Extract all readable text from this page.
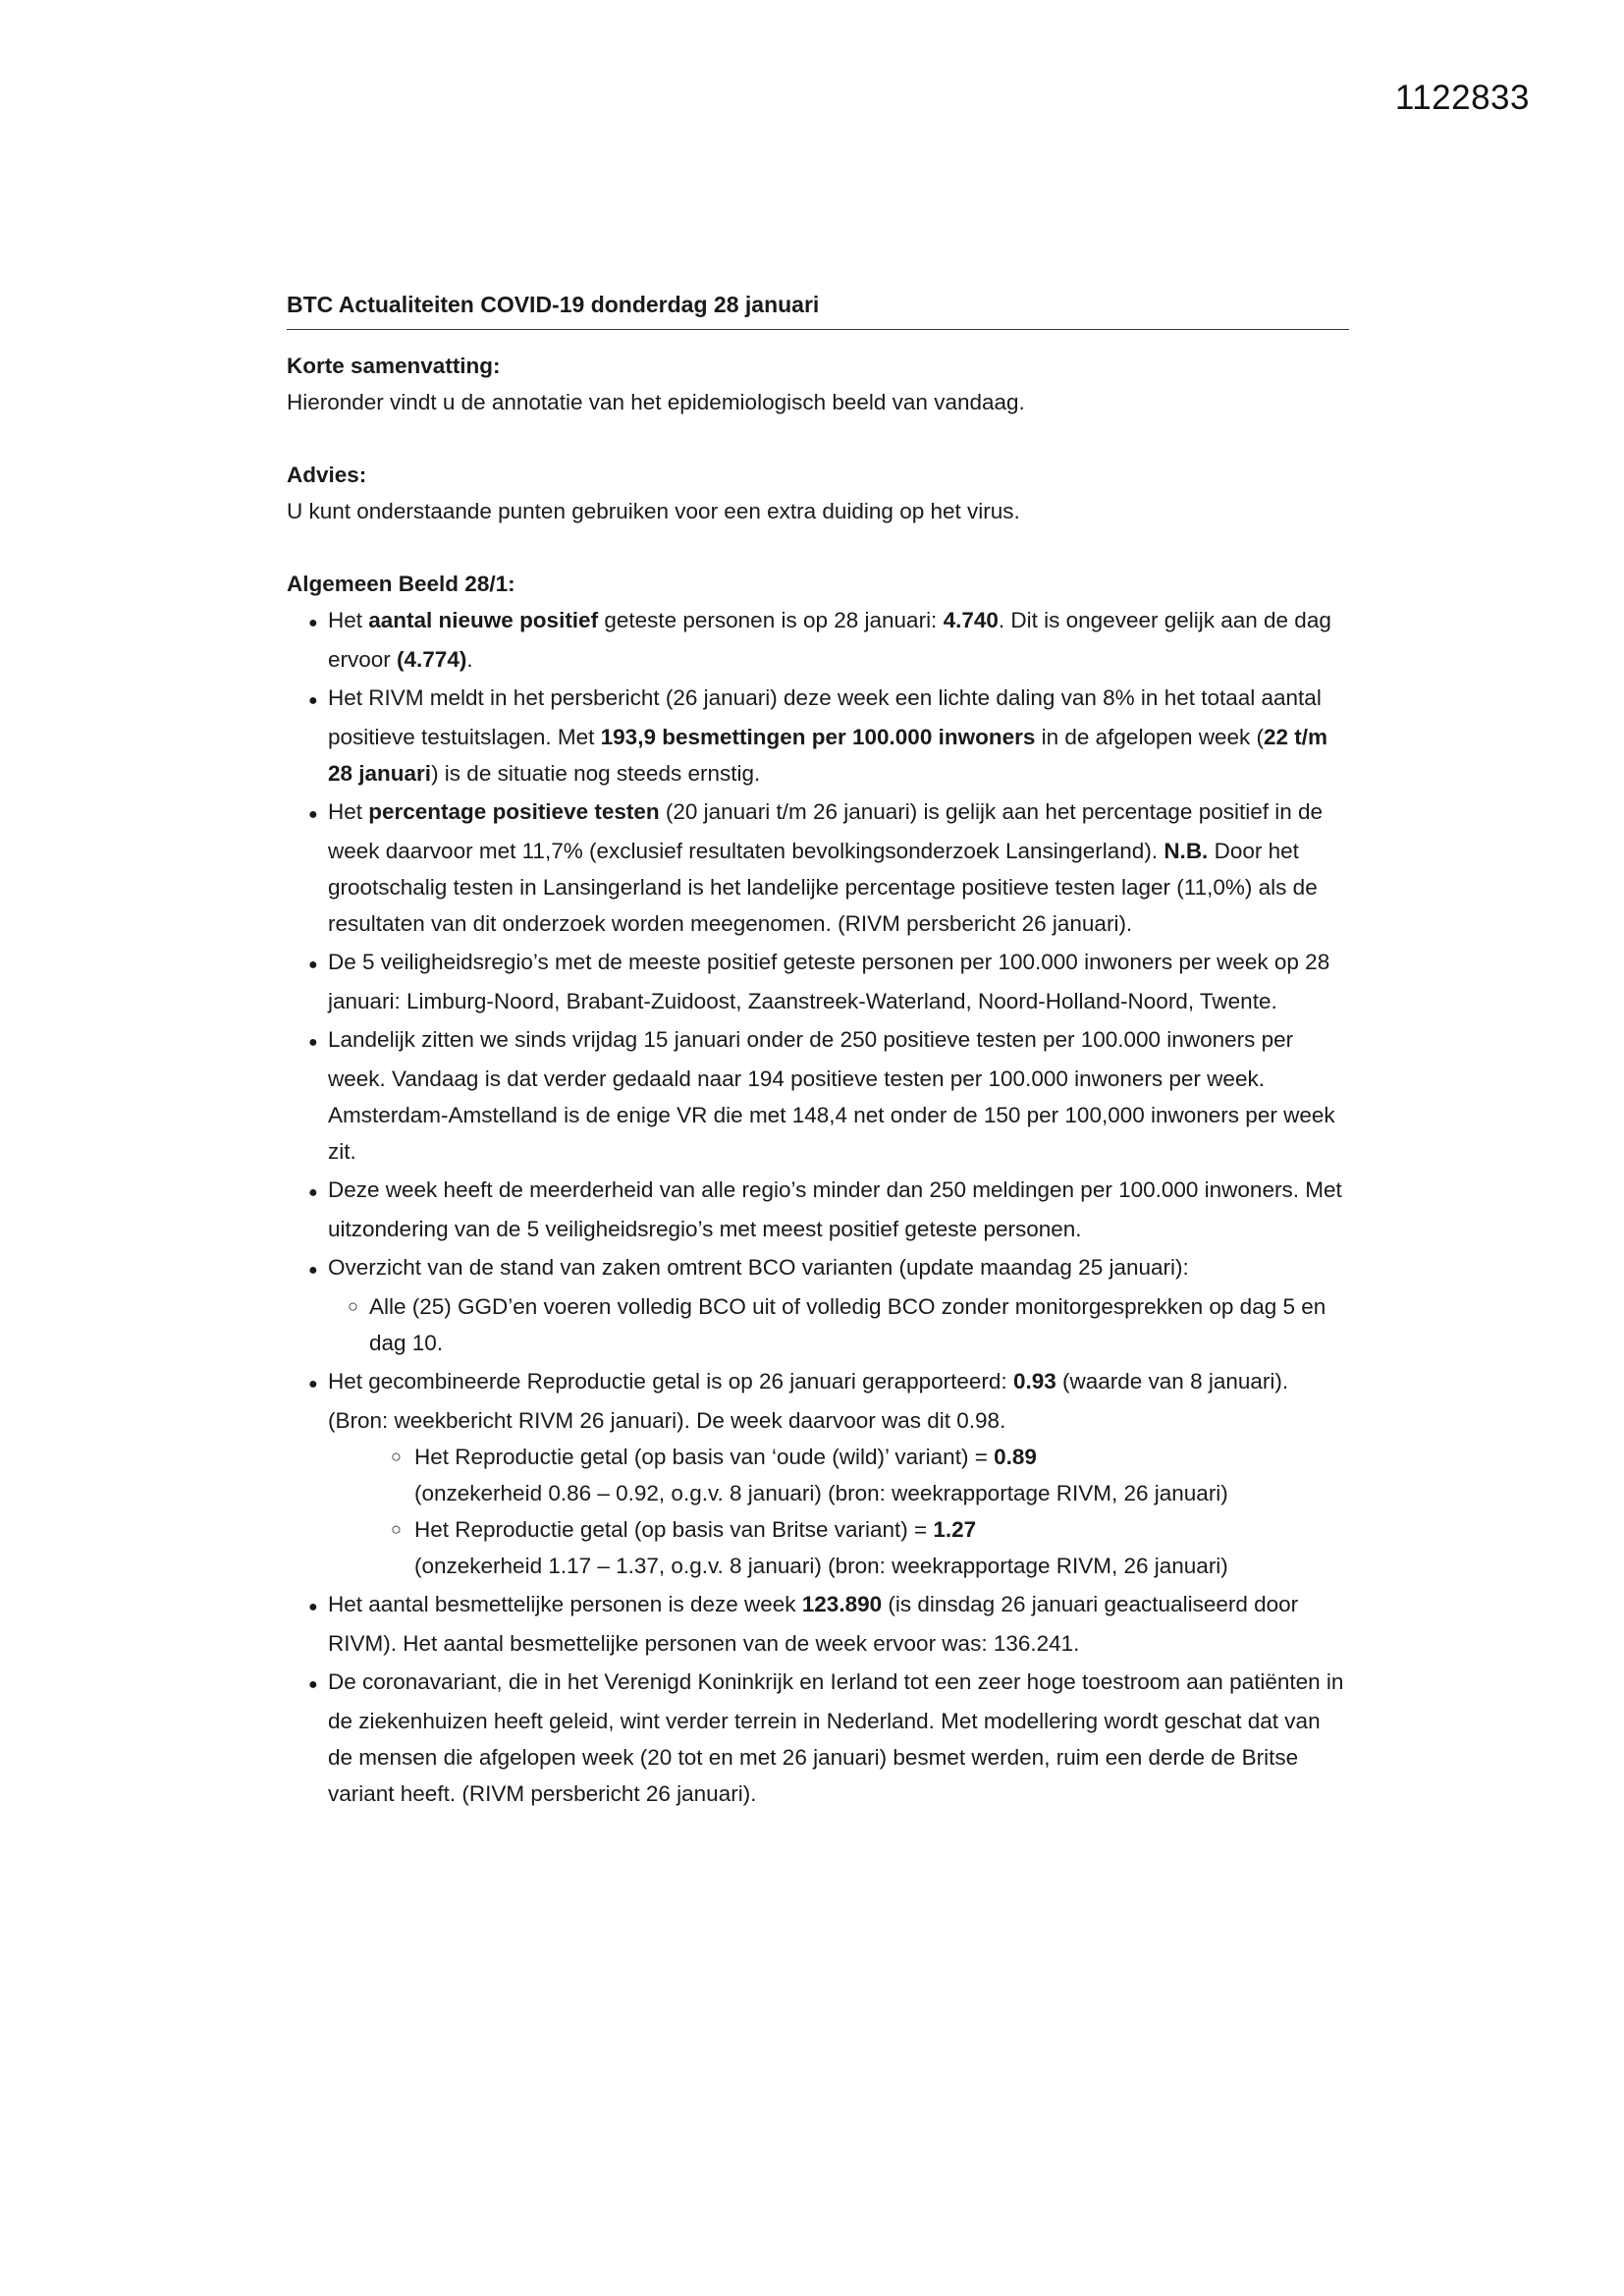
1122833
BTC Actualiteiten COVID-19 donderdag 28 januari

Korte samenvatting:

Hieronder vindt u de annotatie van het epidemiologisch beeld van vandaag.

Advies:

U kunt onderstaande punten gebruiken voor een extra duiding op het virus.

Algemeen Beeld 28/1:

● Het aantal nieuwe positief geteste personen is op 28 januari: 4.740. Dit is ongeveer gelijk aan de dag ervoor (4.774).
● Het RIVM meldt in het persbericht (26 januari) deze week een lichte daling van 8% in het totaal aantal positieve testuitslagen. Met 193,9 besmettingen per 100.000 inwoners in de afgelopen week (22 t/m 28 januari) is de situatie nog steeds ernstig.
● Het percentage positieve testen (20 januari t/m 26 januari) is gelijk aan het percentage positief in de week daarvoor met 11,7% (exclusief resultaten bevolkingsonderzoek Lansingerland). N.B. Door het grootschalig testen in Lansingerland is het landelijke percentage positieve testen lager (11,0%) als de resultaten van dit onderzoek worden meegenomen. (RIVM persbericht 26 januari).
● De 5 veiligheidsregio’s met de meeste positief geteste personen per 100.000 inwoners per week op 28 januari: Limburg-Noord, Brabant-Zuidoost, Zaanstreek-Waterland, Noord-Holland-Noord, Twente.
● Landelijk zitten we sinds vrijdag 15 januari onder de 250 positieve testen per 100.000 inwoners per week. Vandaag is dat verder gedaald naar 194 positieve testen per 100.000 inwoners per week. Amsterdam-Amstelland is de enige VR die met 148,4 net onder de 150 per 100,000 inwoners per week zit.
● Deze week heeft de meerderheid van alle regio’s minder dan 250 meldingen per 100.000 inwoners. Met uitzondering van de 5 veiligheidsregio’s met meest positief geteste personen.
● Overzicht van de stand van zaken omtrent BCO varianten (update maandag 25 januari):
○ Alle (25) GGD’en voeren volledig BCO uit of volledig BCO zonder monitorgesprekken op dag 5 en dag 10.
● Het gecombineerde Reproductie getal is op 26 januari gerapporteerd: 0.93 (waarde van 8 januari). (Bron: weekbericht RIVM 26 januari). De week daarvoor was dit 0.98.
○ Het Reproductie getal (op basis van ‘oude (wild)’ variant) = 0.89
(onzekerheid 0.86 – 0.92, o.g.v. 8 januari) (bron: weekrapportage RIVM, 26 januari)
○ Het Reproductie getal (op basis van Britse variant) = 1.27
(onzekerheid 1.17 – 1.37, o.g.v. 8 januari) (bron: weekrapportage RIVM, 26 januari)
● Het aantal besmettelijke personen is deze week 123.890 (is dinsdag 26 januari geactualiseerd door RIVM). Het aantal besmettelijke personen van de week ervoor was: 136.241.
● De coronavariant, die in het Verenigd Koninkrijk en Ierland tot een zeer hoge toestroom aan patiënten in de ziekenhuizen heeft geleid, wint verder terrein in Nederland. Met modellering wordt geschat dat van de mensen die afgelopen week (20 tot en met 26 januari) besmet werden, ruim een derde de Britse variant heeft. (RIVM persbericht 26 januari).
